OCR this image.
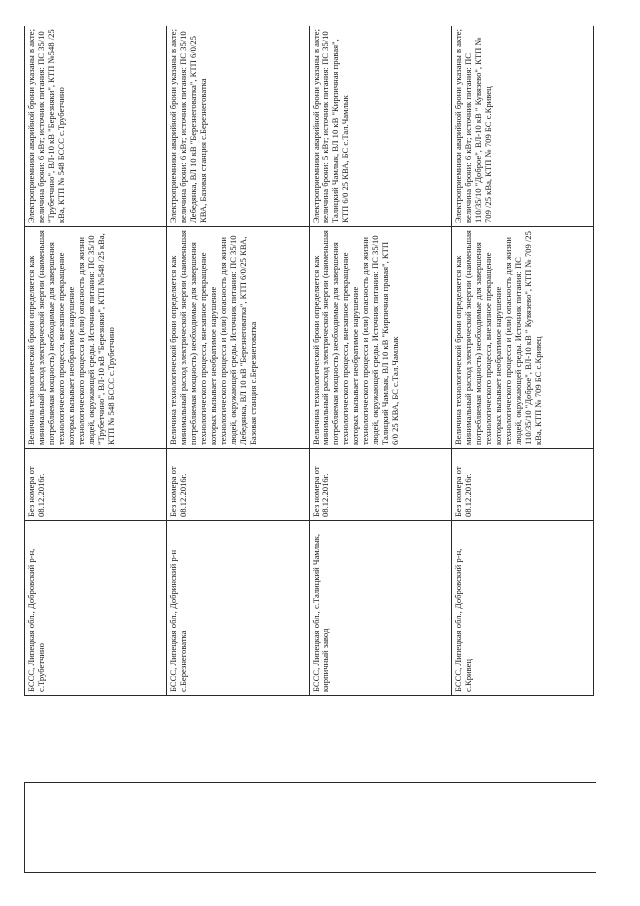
БССС, Липецкая обл., Добровский р-н, с.Трубетчино	Без номера от 08.12.2016г.	Величина технологической брони определяется как минимальный расход электрической энергии (наименьшая потребляемая мощность) необходимые для завершения технологического процесса, внезапное прекращение которых вызывает необратимое нарушение технологического процесса и (или) опасность для жизни людей, окружающей среды. Источник питания: ПС 35/10 "Трубетчино", ВЛ-10 кВ "Березняки", КТП №548 /25 кВа, КТП № 548 БССС с.Трубетчино	Электроприемники аварийной брони указаны в акте; величина брони: 6 кВт; источник питания: ПС 35/10 "Трубетчино", ВЛ-10 кВ "Березняки", КТП №548 /25 кВа, КТП № 548 БССС с.Трубетчино
БССС, Липецкая обл., Добринский р-н с.Березнеговатка	Без номера от 08.12.2016г.	Величина технологической брони определяется как минимальный расход электрической энергии (наименьшая потребляемая мощность) необходимые для завершения технологического процесса, внезапное прекращение которых вызывает необратимое нарушение технологического процесса и (или) опасность для жизни людей, окружающей среды. Источник питания: ПС 35/10 Лебедянка, ВЛ 10 кВ "Березнеговатка", КТП 6/0/25 КВА, Базовая станция с.Березнеговатка	Электроприемники аварийной брони указаны в акте; величина брони: 6 кВт; источник питания: ПС 35/10 Лебедянка, ВЛ 10 кВ "Березнеговатка", КТП 6/0/25 КВА, Базовая станция с.Березнеговатка
БССС, Липецкая обл., с.Талицкий Чамлык, кирпичный завод	Без номера от 08.12.2016г.	Величина технологической брони определяется как минимальный расход электрической энергии (наименьшая потребляемая мощность) необходимые для завершения технологического процесса, внезапное прекращение которых вызывает необратимое нарушение технологического процесса и (или) опасность для жизни людей, окружающей среды. Источник питания: ПС 35/10 Талицкий Чамлык, ВЛ 10 кВ "Кирпичная правая", КТП 6/0 25 КВА, БС с.Тал.Чамлык	Электроприемники аварийной брони указаны в акте; величина брони: 5 кВт; источник питания: ПС 35/10 Талицкий Чамлык, ВЛ 10 кВ "Кирпичная правая", КТП 6/0 25 КВА, БС с.Тал.Чамлык
БССС, Липецкая обл., Добровский р-н, с.Кривец	Без номера от 08.12.2016г.	Величина технологической брони определяется как минимальный расход электрической энергии (наименьшая потребляемая мощность) необходимые для завершения технологического процесса, внезапное прекращение которых вызывает необратимое нарушение технологического процесса и (или) опасность для жизни людей, окружающей среды. Источник питания: ПС 110/35/10 "Доброе", ВЛ-10 кВ " Кувязево", КТП № 709 /25 кВа, КТП № 709 БС с.Кривец	Электроприемники аварийной брони указаны в акте; величина брони: 6 кВт; источник питания: ПС 110/35/10 "Доброе", ВЛ-10 кВ " Кувязево", КТП № 709 /25 кВа, КТП № 709 БС с.Кривец
